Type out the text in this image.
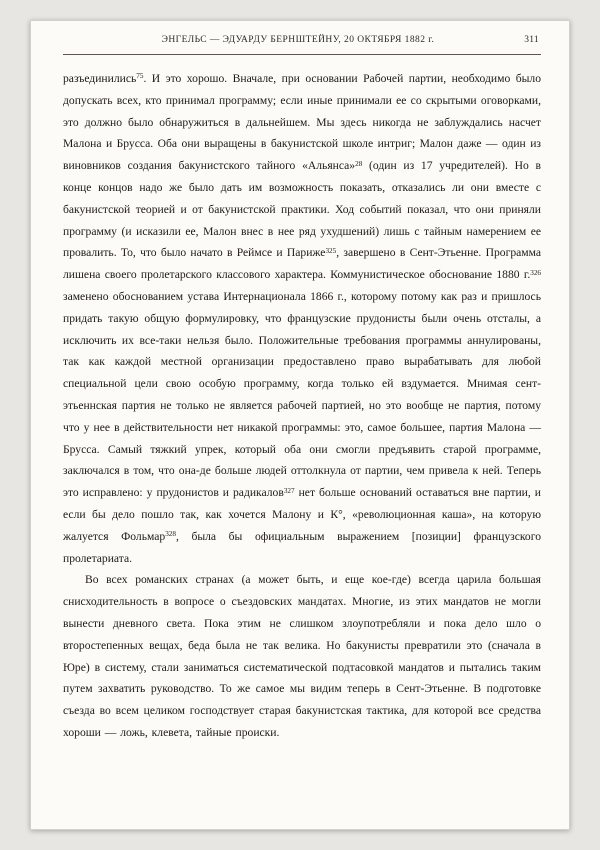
ЭНГЕЛЬС — ЭДУАРДУ БЕРНШТЕЙНУ, 20 ОКТЯБРЯ 1882 г.	311

разъединились$^{75}$. И это хорошо. Вначале, при основании Рабочей партии, необходимо было допускать всех, кто принимал программу; если иные принимали ее со скрытыми оговорками, это должно было обнаружиться в дальнейшем. Мы здесь никогда не заблуждались насчет Малона и Брусса. Оба они выращены в бакунистской школе интриг; Малон даже — один из виновников создания бакунистского тайного «Альянса»$^{28}$ (один из 17 учредителей). Но в конце концов надо же было дать им возможность показать, отказались ли они вместе с бакунистской теорией и от бакунистской практики. Ход событий показал, что они приняли программу (и исказили ее, Малон внес в нее ряд ухудшений) лишь с тайным намерением ее провалить. То, что было начато в Реймсе и Париже$^{325}$, завершено в Сент-Этьенне. Программа лишена своего пролетарского классового характера. Коммунистическое обоснование 1880 г.$^{326}$ заменено обоснованием устава Интернационала 1866 г., которому потому как раз и пришлось придать такую общую формулировку, что французские прудонисты были очень отсталы, а исключить их все-таки нельзя было. Положительные требования программы аннулированы, так как каждой местной организации предоставлено право вырабатывать для любой специальной цели свою особую программу, когда только ей вздумается. Мнимая сент-этьеннская партия не только не является рабочей партией, но это вообще не партия, потому что у нее в действительности нет никакой программы: это, самое большее, партия Малона — Брусса. Самый тяжкий упрек, который оба они смогли предъявить старой программе, заключался в том, что она-де больше людей оттолкнула от партии, чем привела к ней. Теперь это исправлено: у прудонистов и радикалов$^{327}$ нет больше оснований оставаться вне партии, и если бы дело пошло так, как хочется Малону и К°, «революционная каша», на которую жалуется Фольмар$^{328}$, была бы официальным выражением [позиции] французского пролетариата.

Во всех романских странах (а может быть, и еще кое-где) всегда царила большая снисходительность в вопросе о съездовских мандатах. Многие, из этих мандатов не могли вынести дневного света. Пока этим не слишком злоупотребляли и пока дело шло о второстепенных вещах, беда была не так велика. Но бакунисты превратили это (сначала в Юре) в систему, стали заниматься систематической подтасовкой мандатов и пытались таким путем захватить руководство. То же самое мы видим теперь в Сент-Этьенне. В подготовке съезда во всем целиком господствует старая бакунистская тактика, для которой все средства хороши — ложь, клевета, тайные происки.
